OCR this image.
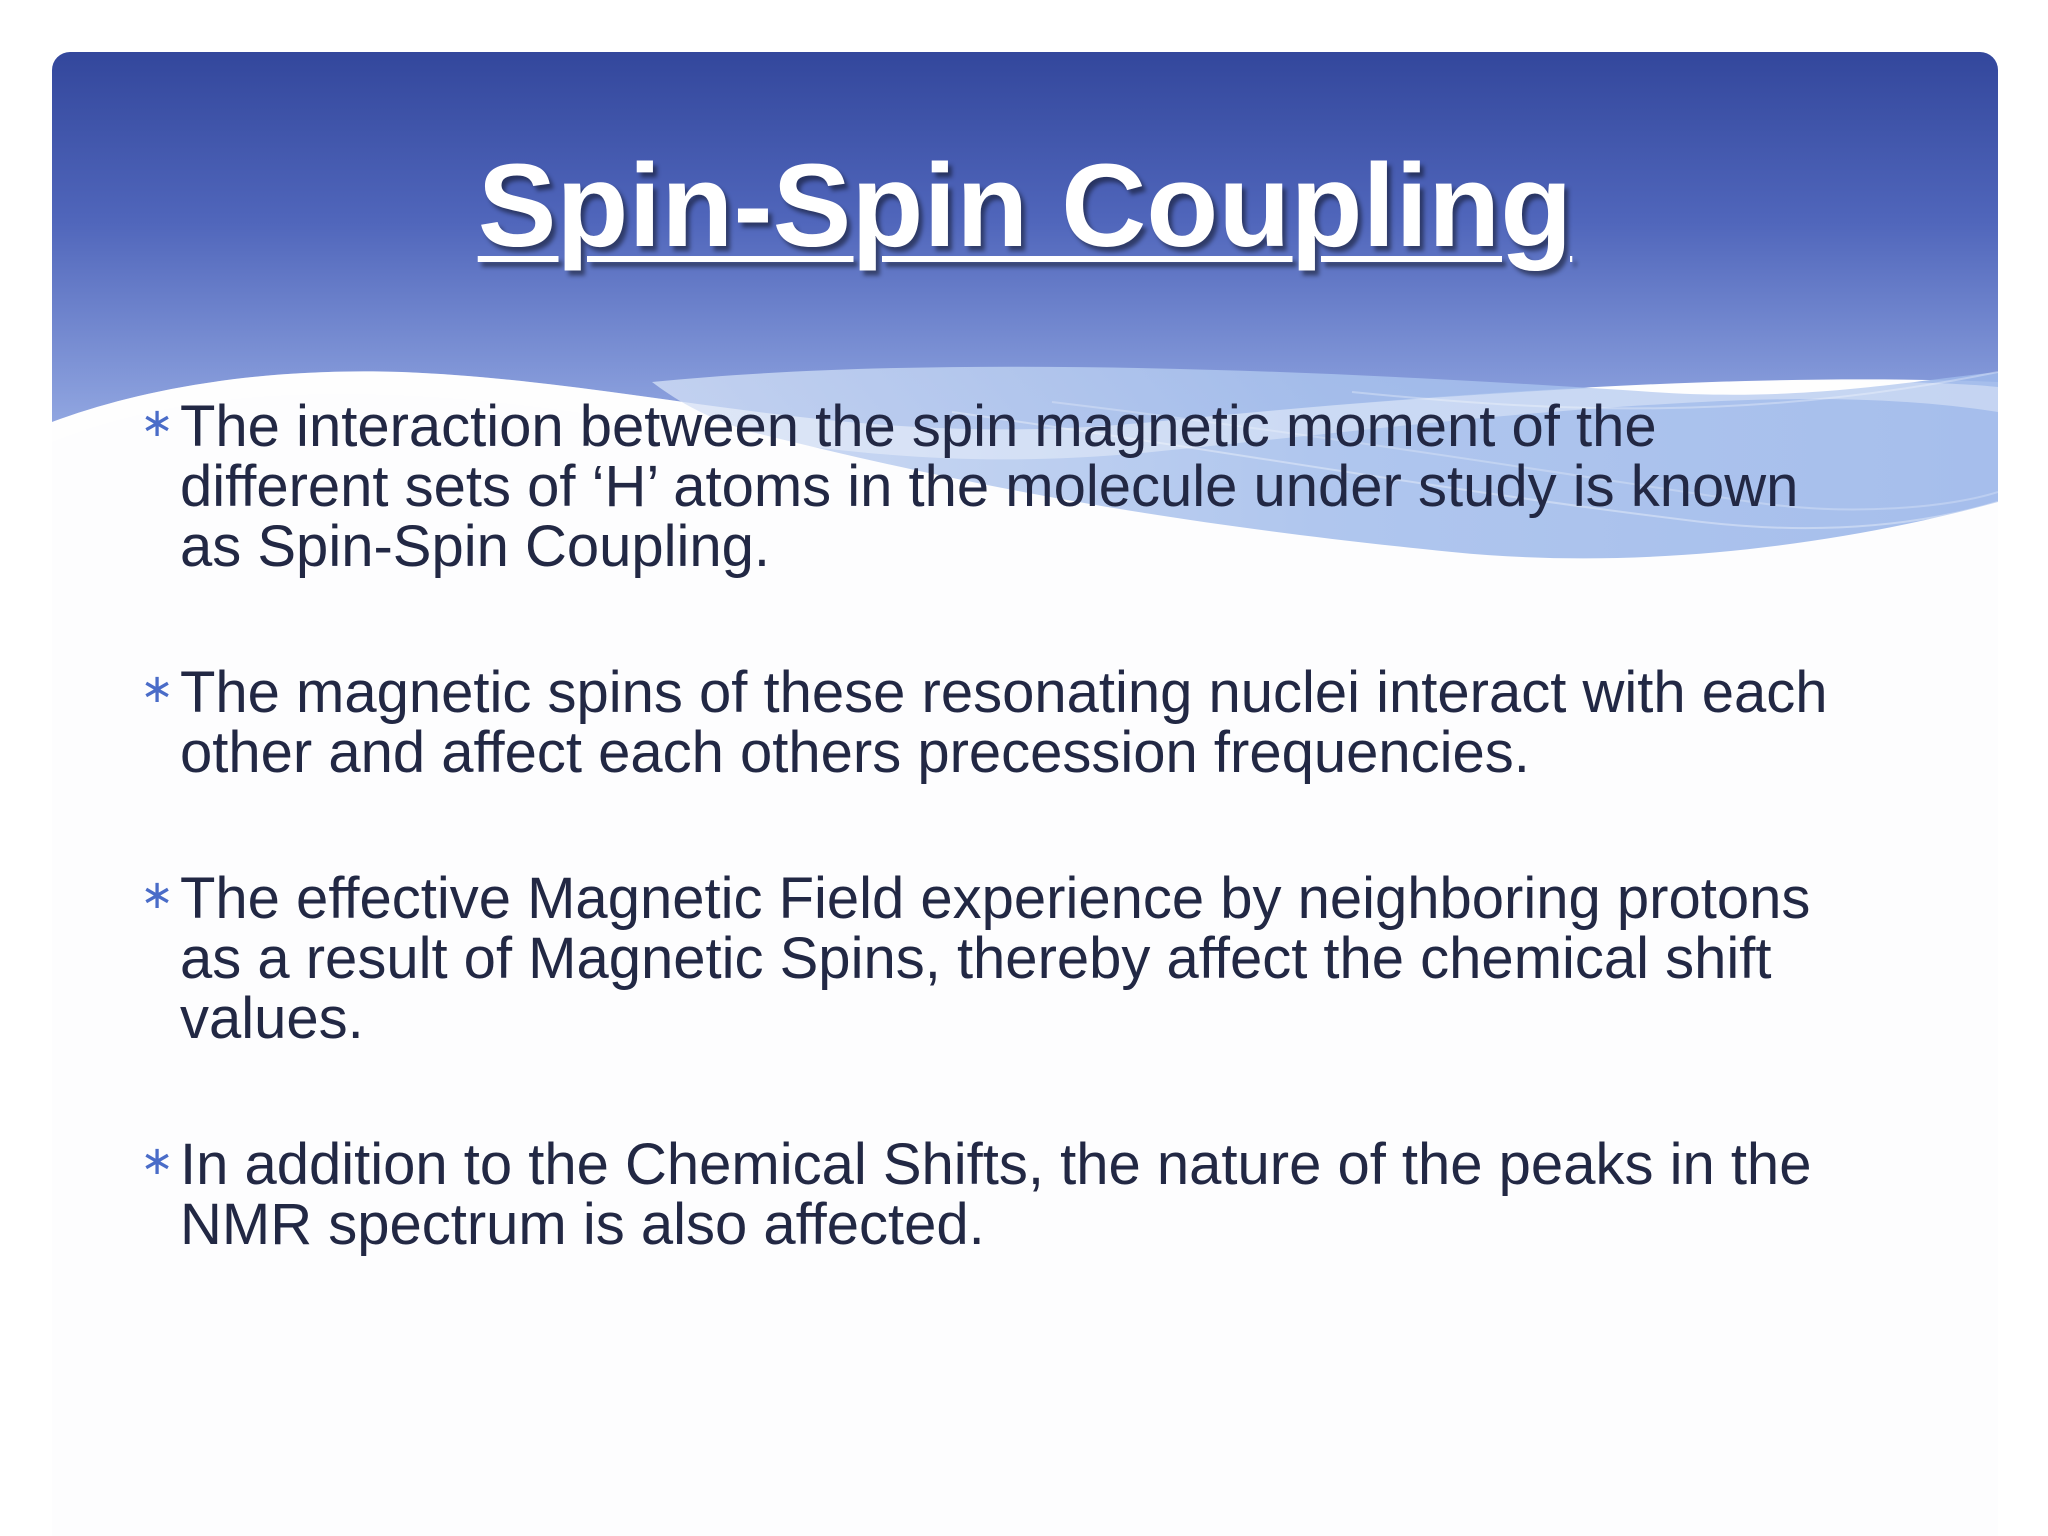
Spin-Spin Coupling
∗ The interaction between the spin magnetic moment of the
different sets of ‘H’ atoms in the molecule under study is known
as Spin-Spin Coupling.
∗ The magnetic spins of these resonating nuclei interact with each
other and affect each others precession frequencies.
∗ The effective Magnetic Field experience by neighboring protons
as a result of Magnetic Spins, thereby affect the chemical shift
values.
∗ In addition to the Chemical Shifts, the nature of the peaks in the
NMR spectrum is also affected.
